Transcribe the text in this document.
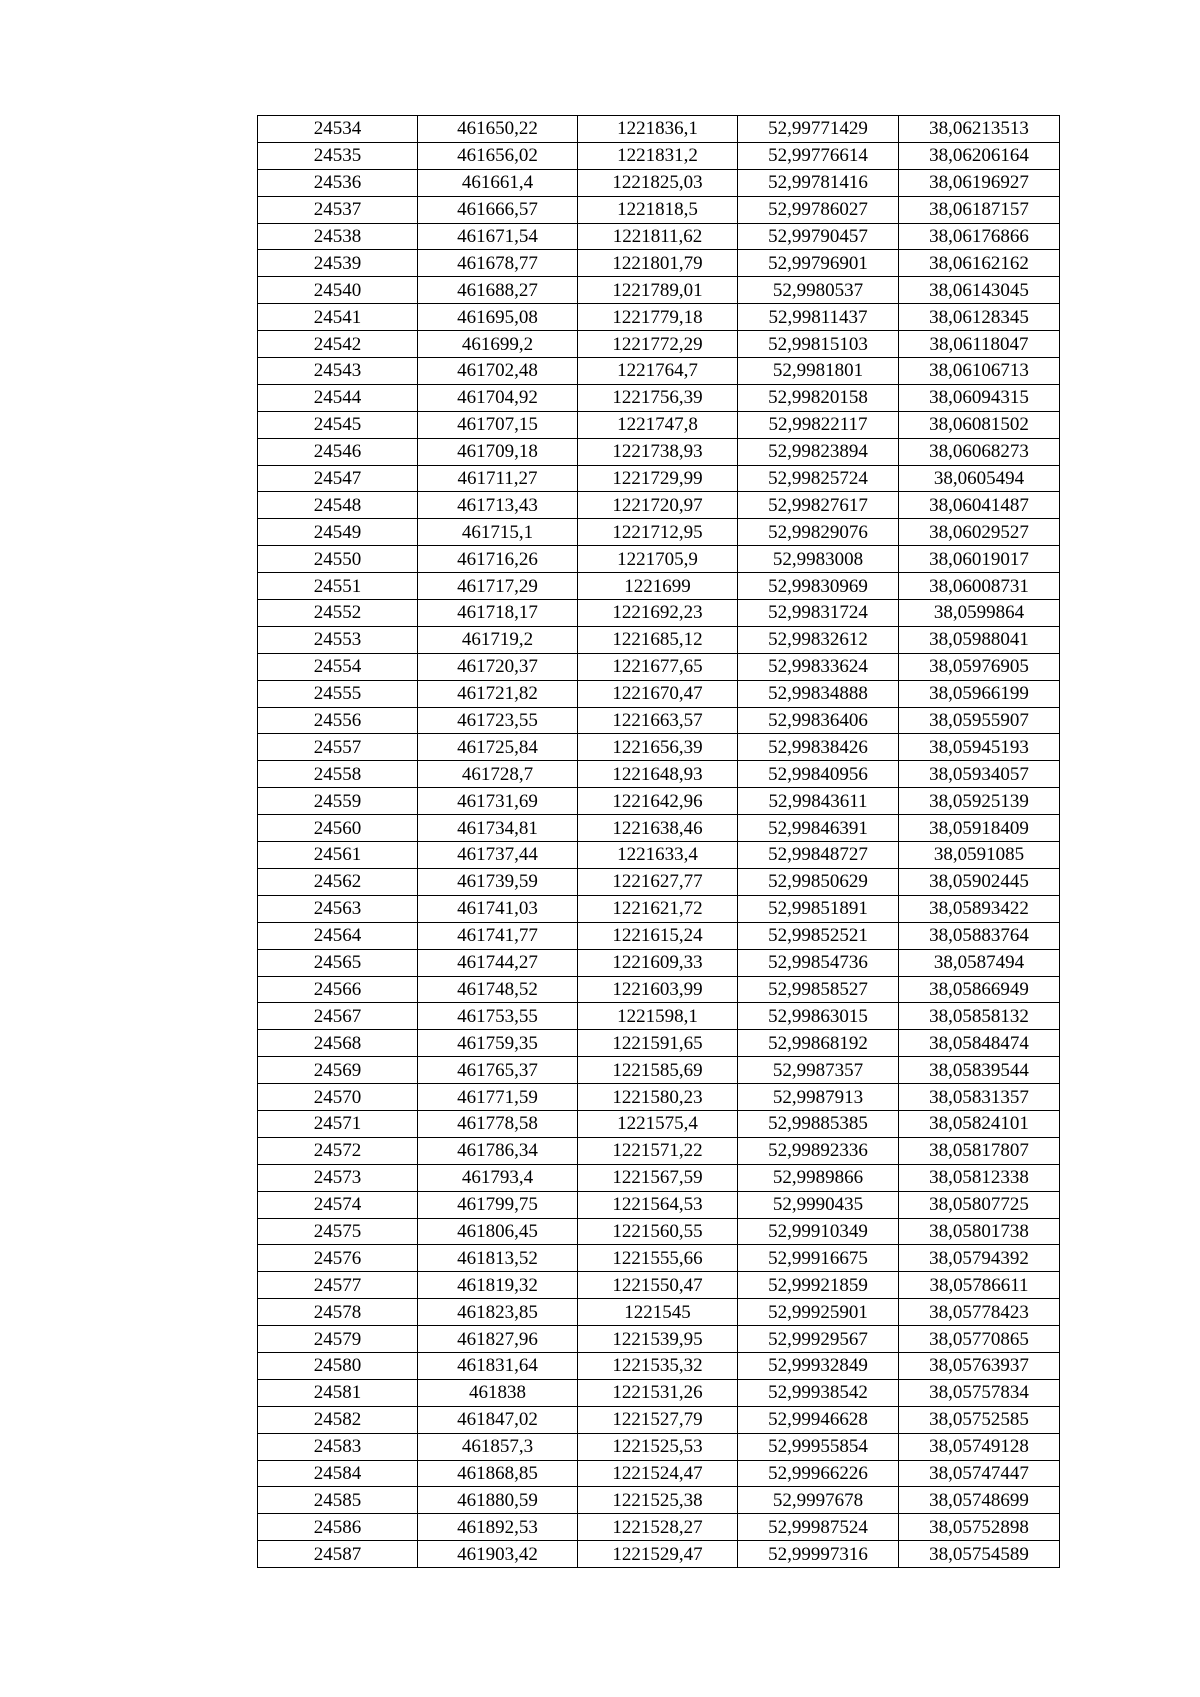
24534	461650,22	1221836,1	52,99771429	38,06213513
24535	461656,02	1221831,2	52,99776614	38,06206164
24536	461661,4	1221825,03	52,99781416	38,06196927
24537	461666,57	1221818,5	52,99786027	38,06187157
24538	461671,54	1221811,62	52,99790457	38,06176866
24539	461678,77	1221801,79	52,99796901	38,06162162
24540	461688,27	1221789,01	52,9980537	38,06143045
24541	461695,08	1221779,18	52,99811437	38,06128345
24542	461699,2	1221772,29	52,99815103	38,06118047
24543	461702,48	1221764,7	52,9981801	38,06106713
24544	461704,92	1221756,39	52,99820158	38,06094315
24545	461707,15	1221747,8	52,99822117	38,06081502
24546	461709,18	1221738,93	52,99823894	38,06068273
24547	461711,27	1221729,99	52,99825724	38,0605494
24548	461713,43	1221720,97	52,99827617	38,06041487
24549	461715,1	1221712,95	52,99829076	38,06029527
24550	461716,26	1221705,9	52,9983008	38,06019017
24551	461717,29	1221699	52,99830969	38,06008731
24552	461718,17	1221692,23	52,99831724	38,0599864
24553	461719,2	1221685,12	52,99832612	38,05988041
24554	461720,37	1221677,65	52,99833624	38,05976905
24555	461721,82	1221670,47	52,99834888	38,05966199
24556	461723,55	1221663,57	52,99836406	38,05955907
24557	461725,84	1221656,39	52,99838426	38,05945193
24558	461728,7	1221648,93	52,99840956	38,05934057
24559	461731,69	1221642,96	52,99843611	38,05925139
24560	461734,81	1221638,46	52,99846391	38,05918409
24561	461737,44	1221633,4	52,99848727	38,0591085
24562	461739,59	1221627,77	52,99850629	38,05902445
24563	461741,03	1221621,72	52,99851891	38,05893422
24564	461741,77	1221615,24	52,99852521	38,05883764
24565	461744,27	1221609,33	52,99854736	38,0587494
24566	461748,52	1221603,99	52,99858527	38,05866949
24567	461753,55	1221598,1	52,99863015	38,05858132
24568	461759,35	1221591,65	52,99868192	38,05848474
24569	461765,37	1221585,69	52,9987357	38,05839544
24570	461771,59	1221580,23	52,9987913	38,05831357
24571	461778,58	1221575,4	52,99885385	38,05824101
24572	461786,34	1221571,22	52,99892336	38,05817807
24573	461793,4	1221567,59	52,9989866	38,05812338
24574	461799,75	1221564,53	52,9990435	38,05807725
24575	461806,45	1221560,55	52,99910349	38,05801738
24576	461813,52	1221555,66	52,99916675	38,05794392
24577	461819,32	1221550,47	52,99921859	38,05786611
24578	461823,85	1221545	52,99925901	38,05778423
24579	461827,96	1221539,95	52,99929567	38,05770865
24580	461831,64	1221535,32	52,99932849	38,05763937
24581	461838	1221531,26	52,99938542	38,05757834
24582	461847,02	1221527,79	52,99946628	38,05752585
24583	461857,3	1221525,53	52,99955854	38,05749128
24584	461868,85	1221524,47	52,99966226	38,05747447
24585	461880,59	1221525,38	52,9997678	38,05748699
24586	461892,53	1221528,27	52,99987524	38,05752898
24587	461903,42	1221529,47	52,99997316	38,05754589
